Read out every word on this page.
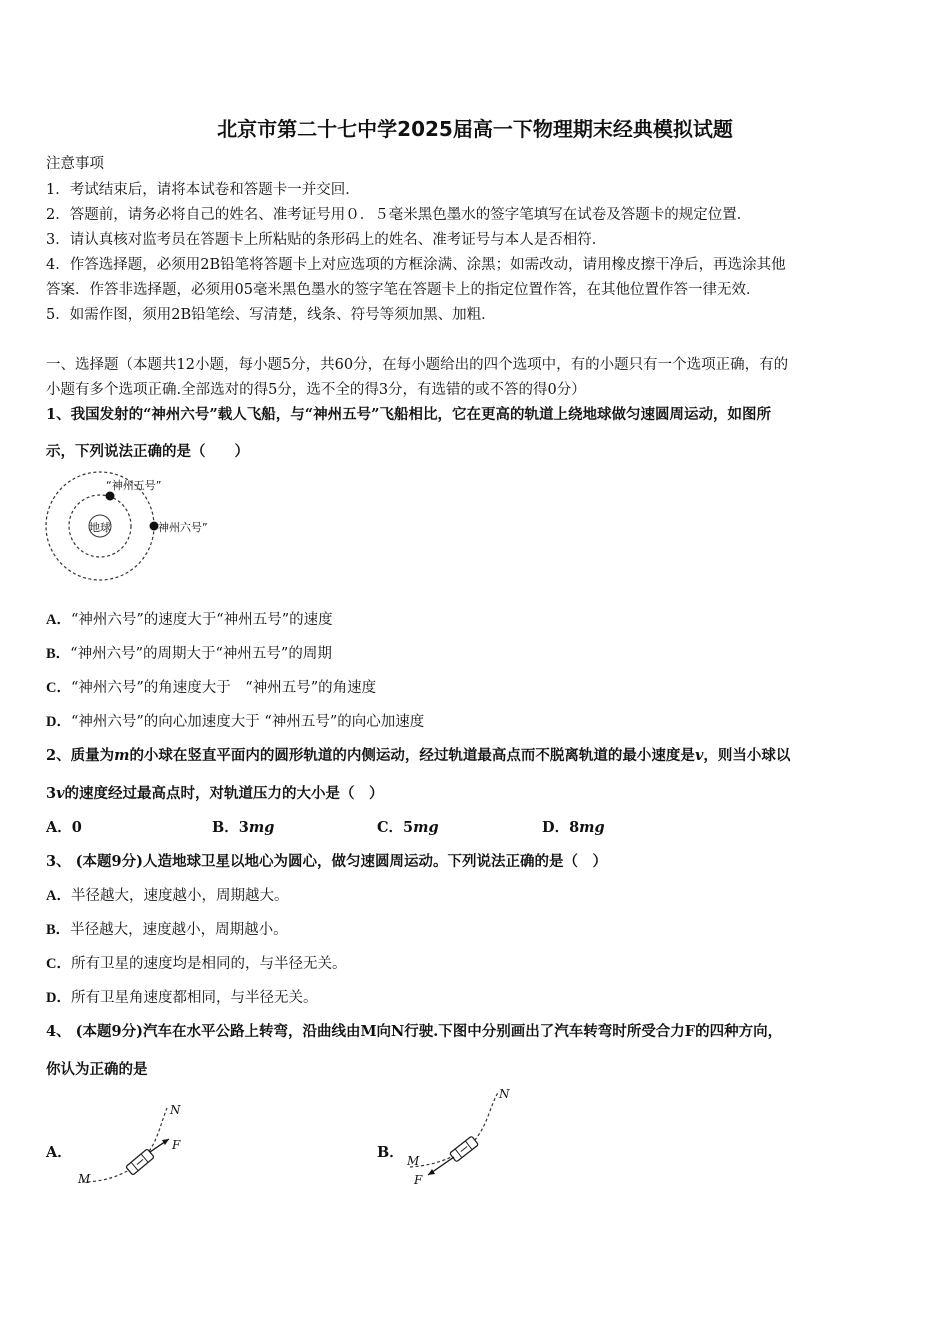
北京市第二十七中学2025届高一下物理期末经典模拟试题
注意事项
1．考试结束后，请将本试卷和答题卡一并交回．
2．答题前，请务必将自己的姓名、准考证号用０．５毫米黑色墨水的签字笔填写在试卷及答题卡的规定位置．
3．请认真核对监考员在答题卡上所粘贴的条形码上的姓名、准考证号与本人是否相符．
4．作答选择题，必须用2B铅笔将答题卡上对应选项的方框涂满、涂黑；如需改动，请用橡皮擦干净后，再选涂其他
答案．作答非选择题，必须用05毫米黑色墨水的签字笔在答题卡上的指定位置作答，在其他位置作答一律无效．
5．如需作图，须用2B铅笔绘、写清楚，线条、符号等须加黑、加粗．
一、选择题（本题共12小题，每小题5分，共60分，在每小题给出的四个选项中，有的小题只有一个选项正确，有的
小题有多个选项正确.全部选对的得5分，选不全的得3分，有选错的或不答的得0分）
1、我国发射的“神州六号”载人飞船，与“神州五号”飞船相比，它在更高的轨道上绕地球做匀速圆周运动，如图所
示，下列说法正确的是（　　）
地球
“神州五号”
神州六号”
A．“神州六号”的速度大于“神州五号”的速度
B．“神州六号”的周期大于“神州五号”的周期
C．“神州六号”的角速度大于　“神州五号”的角速度
D．“神州六号”的向心加速度大于 “神州五号”的向心加速度
2、质量为m的小球在竖直平面内的圆形轨道的内侧运动，经过轨道最高点而不脱离轨道的最小速度是v，则当小球以
3v的速度经过最高点时，对轨道压力的大小是（　）
A．0	B．3mg	C．5mg	D．8mg
3、 (本题9分)人造地球卫星以地心为圆心，做匀速圆周运动。下列说法正确的是（　）
A．半径越大，速度越小，周期越大。
B．半径越大，速度越小，周期越小。
C．所有卫星的速度均是相同的，与半径无关。
D．所有卫星角速度都相同，与半径无关。
4、 (本题9分)汽车在水平公路上转弯，沿曲线由M向N行驶.下图中分别画出了汽车转弯时所受合力F的四种方向，
你认为正确的是
A．
N
F
M
B．
N
F
M
